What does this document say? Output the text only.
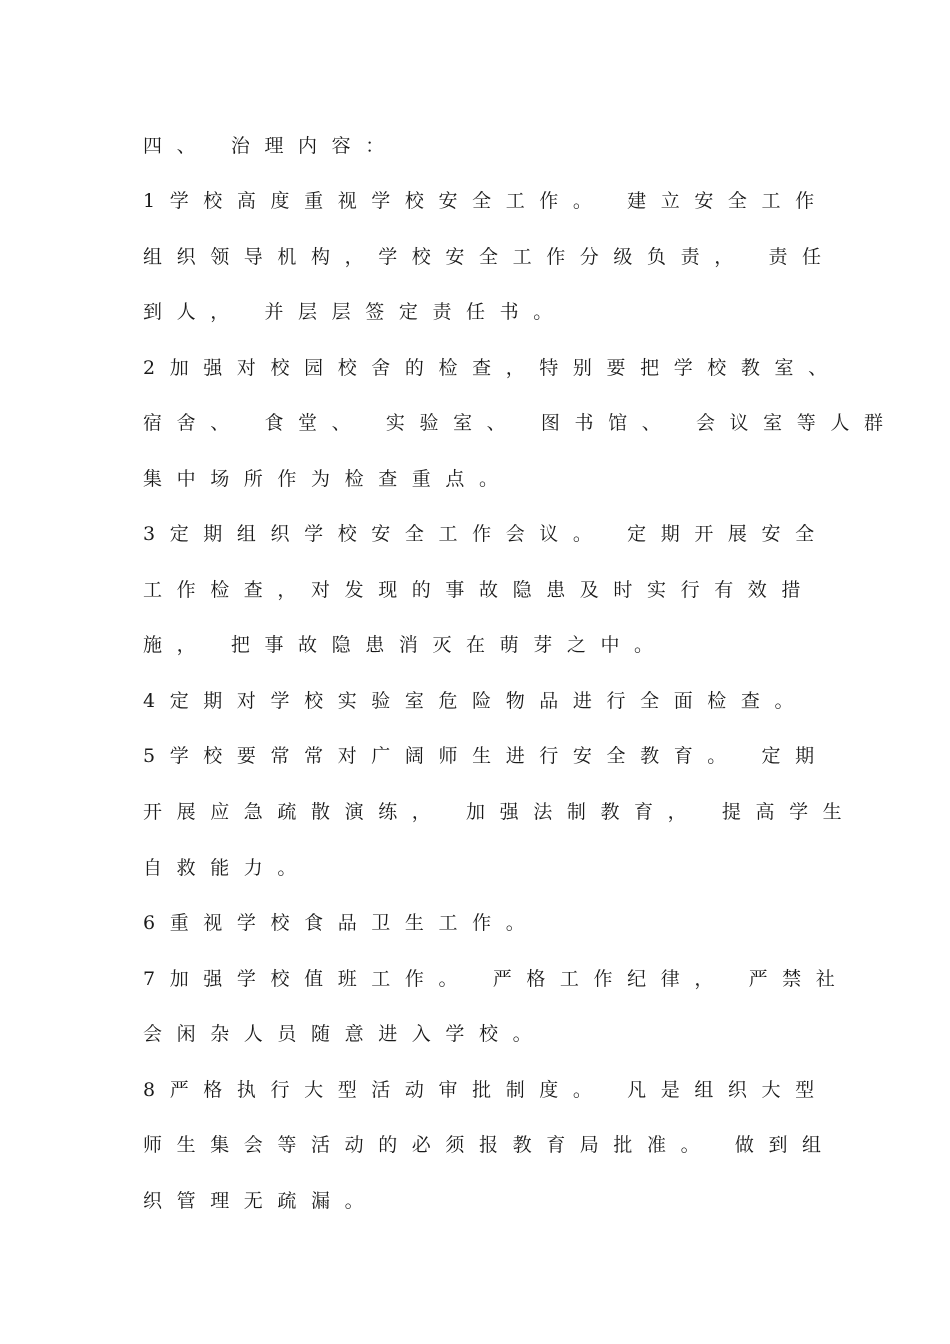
四、 治理内容：
1学校高度重视学校安全工作。 建立安全工作
组织领导机构，学校安全工作分级负责， 责任
到人， 并层层签定责任书。
2加强对校园校舍的检查，特别要把学校教室、
宿舍、 食堂、 实验室、 图书馆、 会议室等人群
集中场所作为检查重点。
3定期组织学校安全工作会议。 定期开展安全
工作检查，对发现的事故隐患及时实行有效措
施， 把事故隐患消灭在萌芽之中。
4定期对学校实验室危险物品进行全面检查。
5学校要常常对广阔师生进行安全教育。 定期
开展应急疏散演练， 加强法制教育， 提高学生
自救能力。
6重视学校食品卫生工作。
7加强学校值班工作。 严格工作纪律， 严禁社
会闲杂人员随意进入学校。
8严格执行大型活动审批制度。 凡是组织大型
师生集会等活动的必须报教育局批准。 做到组
织管理无疏漏。
